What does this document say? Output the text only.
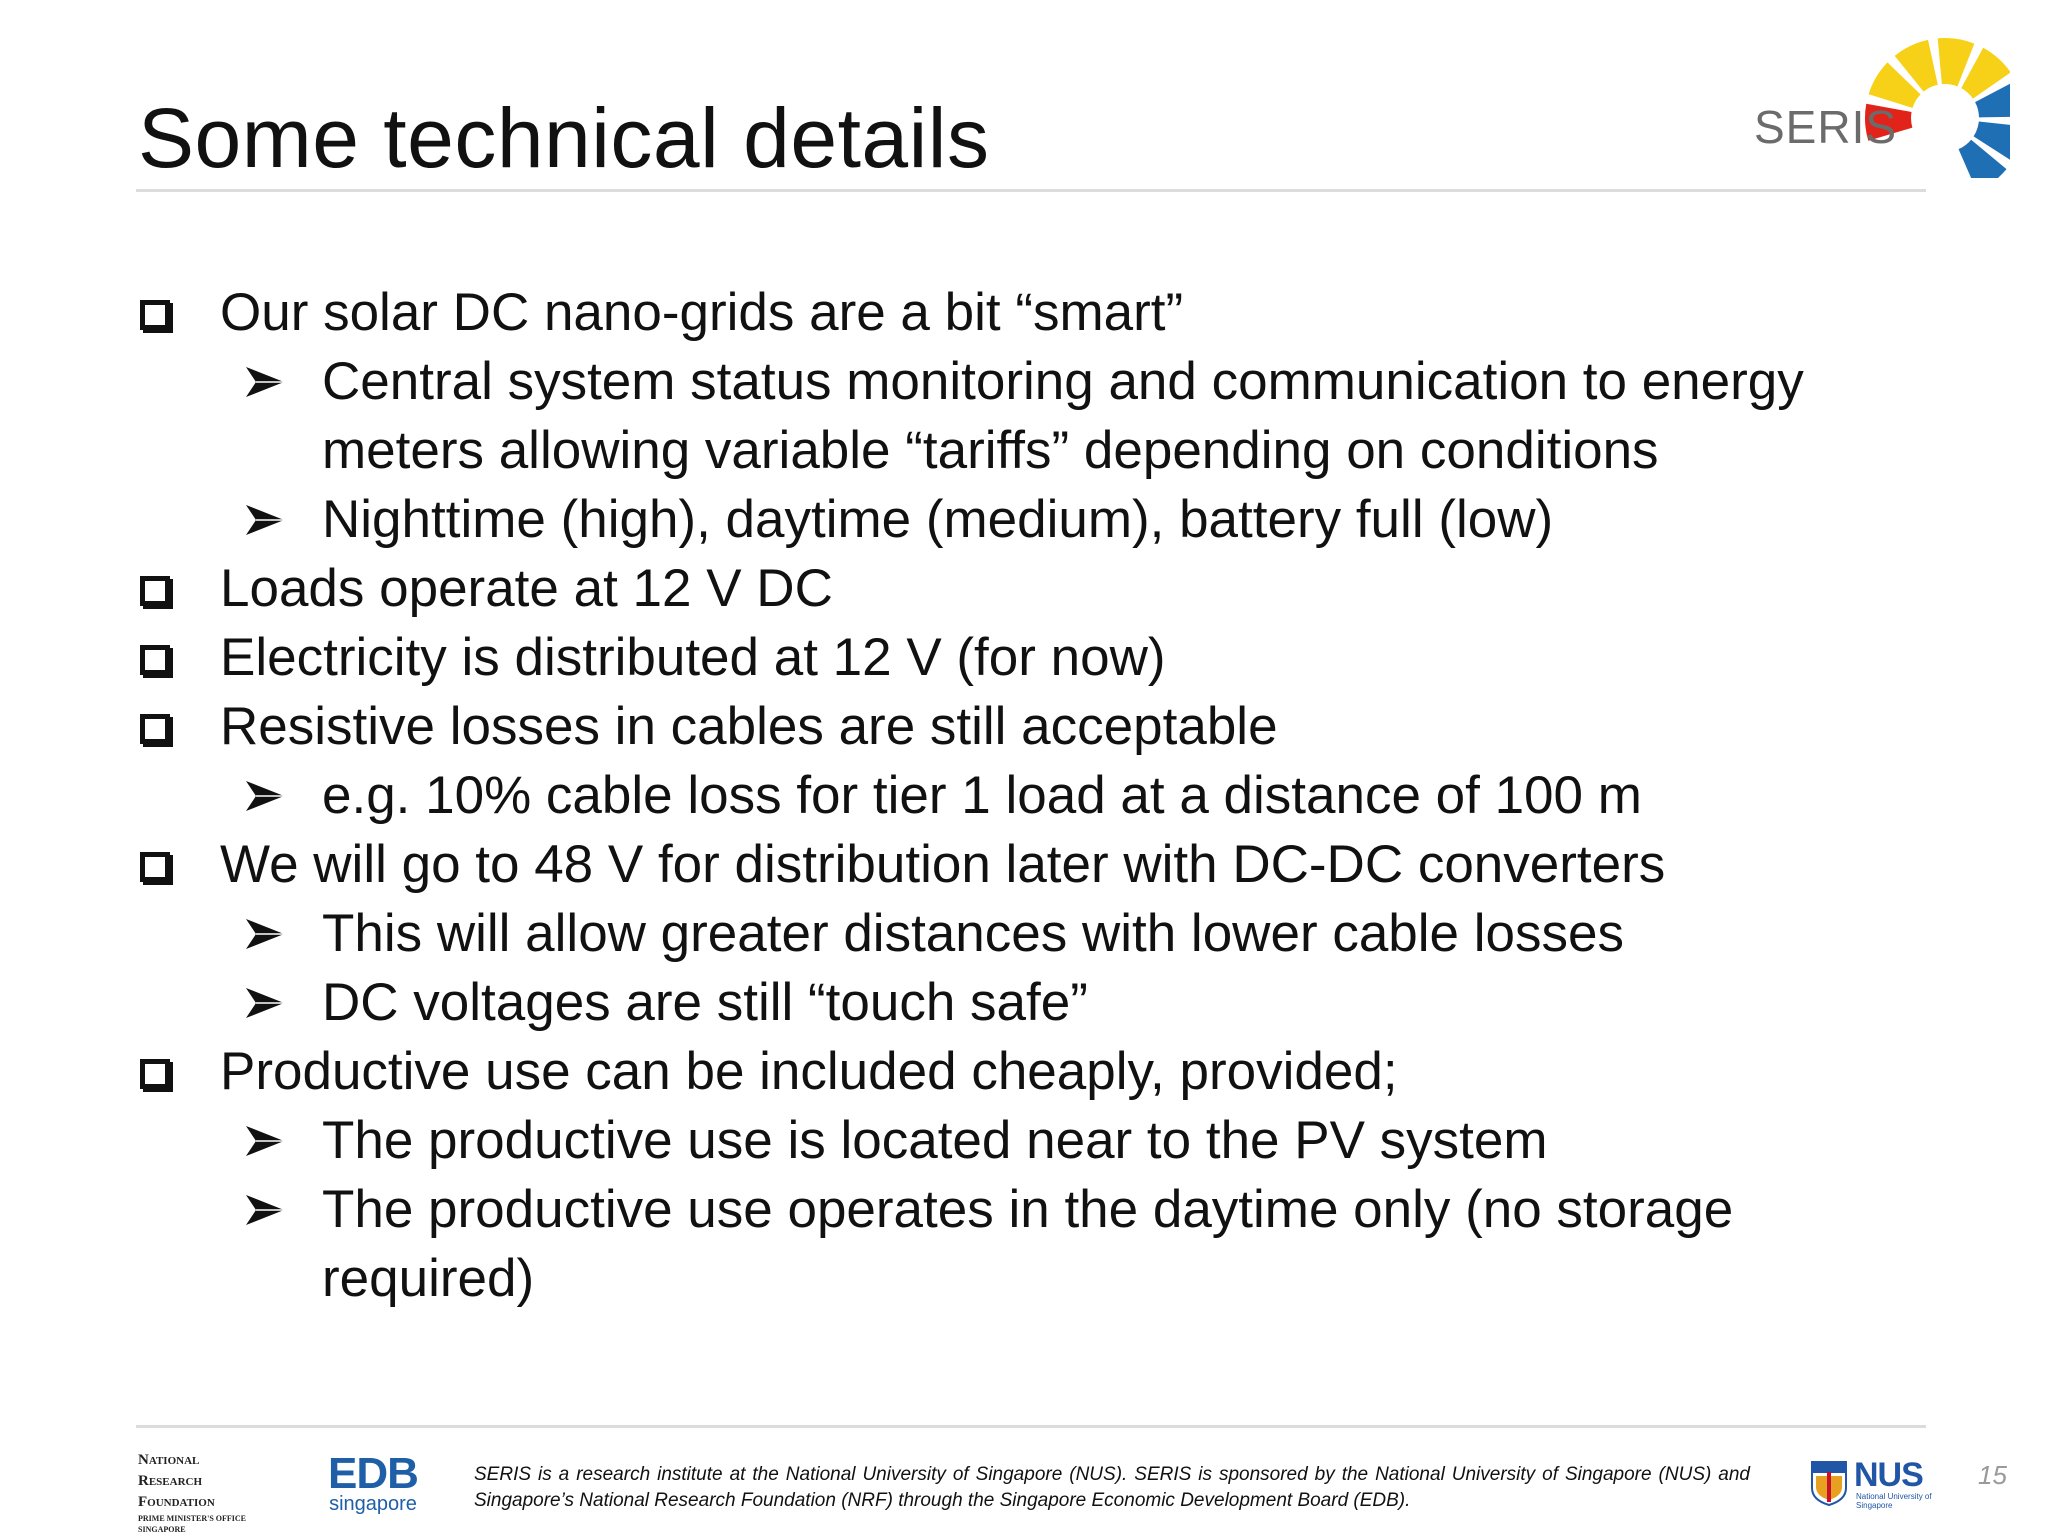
Some technical details	SERIS
Our solar DC nano-grids are a bit “smart”
Central system status monitoring and communication to energy meters allowing variable “tariffs” depending on conditions
Nighttime (high), daytime (medium), battery full (low)
Loads operate at 12 V DC
Electricity is distributed at 12 V (for now)
Resistive losses in cables are still acceptable
e.g. 10% cable loss for tier 1 load at a distance of 100 m
We will go to 48 V for distribution later with DC-DC converters
This will allow greater distances with lower cable losses
DC voltages are still “touch safe”
Productive use can be included cheaply, provided;
The productive use is located near to the PV system
The productive use operates in the daytime only (no storage required)
National
Research
Foundation
PRIME MINISTER'S OFFICE
SINGAPORE
EDB
singapore
SERIS is a research institute at the National University of Singapore (NUS). SERIS is sponsored by the National University of Singapore (NUS) and Singapore’s National Research Foundation (NRF) through the Singapore Economic Development Board (EDB).
NUS
National University of Singapore
15
